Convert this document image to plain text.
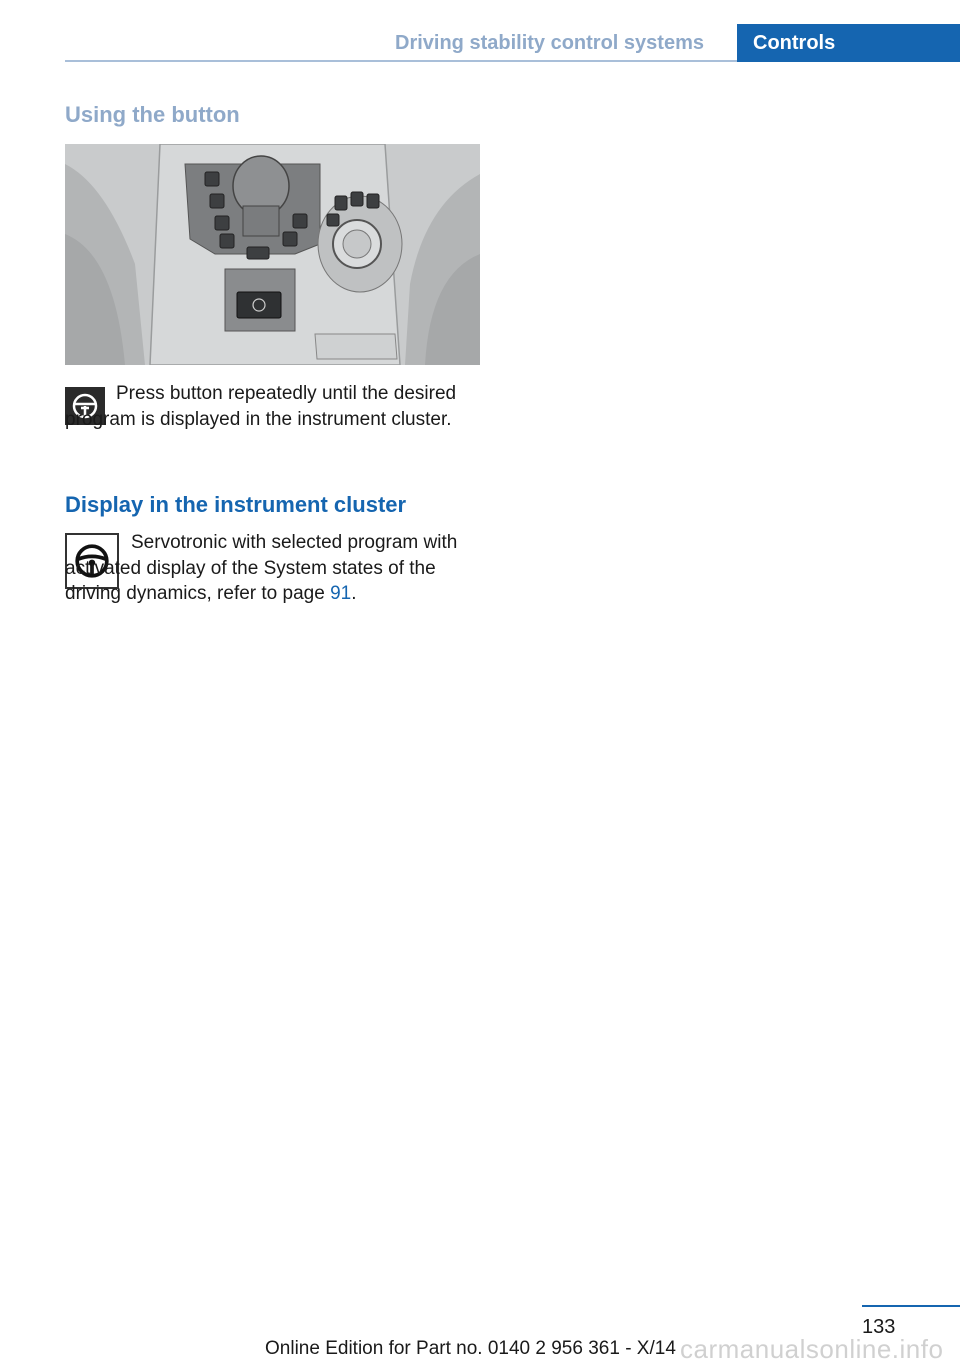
Driving stability control systems	Controls
Using the button

Press button repeatedly until the desired program is displayed in the instrument cluster.

Display in the instrument cluster

Servotronic with selected program with activated display of the System states of the driving dynamics, refer to page 91.

133
Online Edition for Part no. 0140 2 956 361 - X/14 carmanualsonline.info
